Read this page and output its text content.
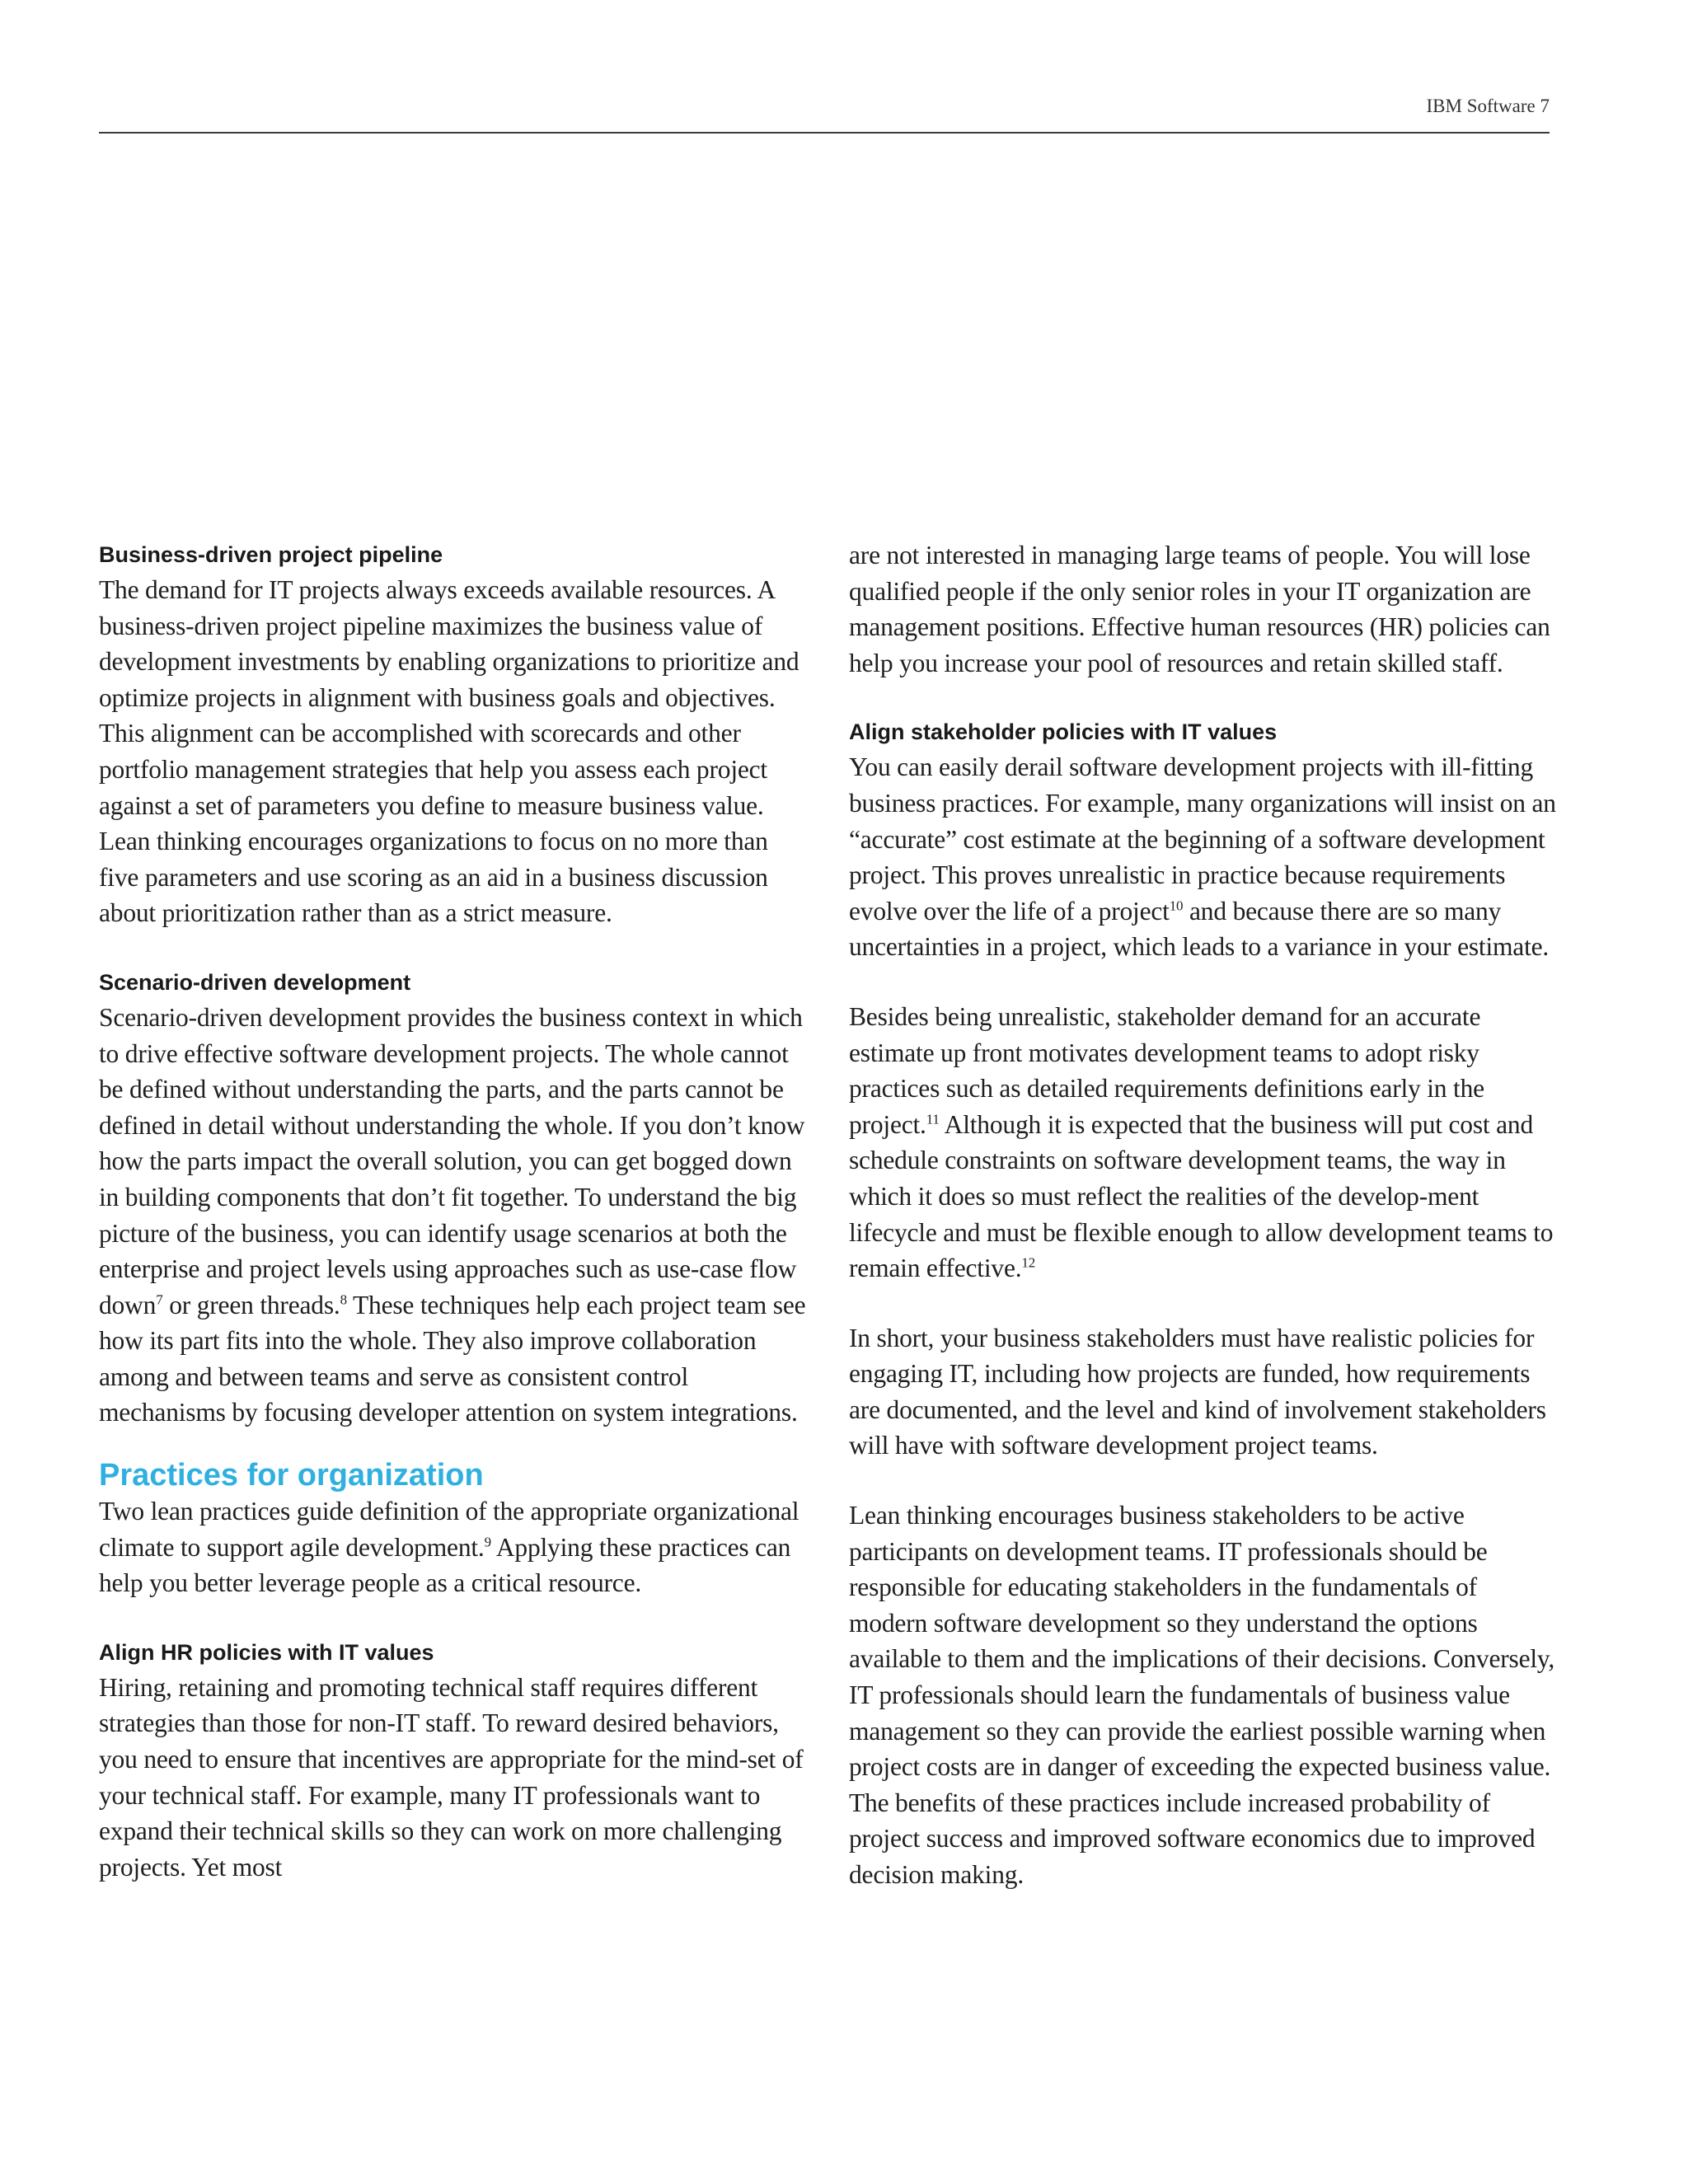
IBM Software 7
Business-driven project pipeline

The demand for IT projects always exceeds available resources. A business-driven project pipeline maximizes the business value of development investments by enabling organizations to prioritize and optimize projects in alignment with business goals and objectives. This alignment can be accomplished with scorecards and other portfolio management strategies that help you assess each project against a set of parameters you define to measure business value. Lean thinking encourages organizations to focus on no more than five parameters and use scoring as an aid in a business discussion about prioritization rather than as a strict measure.

Scenario-driven development

Scenario-driven development provides the business context in which to drive effective software development projects. The whole cannot be defined without understanding the parts, and the parts cannot be defined in detail without understanding the whole. If you don’t know how the parts impact the overall solution, you can get bogged down in building components that don’t fit together. To understand the big picture of the business, you can identify usage scenarios at both the enterprise and project levels using approaches such as use-case flow down$^7$ or green threads.$^8$ These techniques help each project team see how its part fits into the whole. They also improve collaboration among and between teams and serve as consistent control mechanisms by focusing developer attention on system integrations.

Practices for organization

Two lean practices guide definition of the appropriate organizational climate to support agile development.$^9$ Applying these practices can help you better leverage people as a critical resource.

Align HR policies with IT values

Hiring, retaining and promoting technical staff requires different strategies than those for non-IT staff. To reward desired behaviors, you need to ensure that incentives are appropriate for the mind-set of your technical staff. For example, many IT professionals want to expand their technical skills so they can work on more challenging projects. Yet most

are not interested in managing large teams of people. You will lose qualified people if the only senior roles in your IT organization are management positions. Effective human resources (HR) policies can help you increase your pool of resources and retain skilled staff.

Align stakeholder policies with IT values

You can easily derail software development projects with ill-fitting business practices. For example, many organizations will insist on an “accurate” cost estimate at the beginning of a software development project. This proves unrealistic in practice because requirements evolve over the life of a project$^{10}$ and because there are so many uncertainties in a project, which leads to a variance in your estimate.

Besides being unrealistic, stakeholder demand for an accurate estimate up front motivates development teams to adopt risky practices such as detailed requirements definitions early in the project.$^{11}$ Although it is expected that the business will put cost and schedule constraints on software development teams, the way in which it does so must reflect the realities of the develop-ment lifecycle and must be flexible enough to allow development teams to remain effective.$^{12}$

In short, your business stakeholders must have realistic policies for engaging IT, including how projects are funded, how requirements are documented, and the level and kind of involvement stakeholders will have with software development project teams.

Lean thinking encourages business stakeholders to be active participants on development teams. IT professionals should be responsible for educating stakeholders in the fundamentals of modern software development so they understand the options available to them and the implications of their decisions. Conversely, IT professionals should learn the fundamentals of business value management so they can provide the earliest possible warning when project costs are in danger of exceeding the expected business value. The benefits of these practices include increased probability of project success and improved software economics due to improved decision making.
